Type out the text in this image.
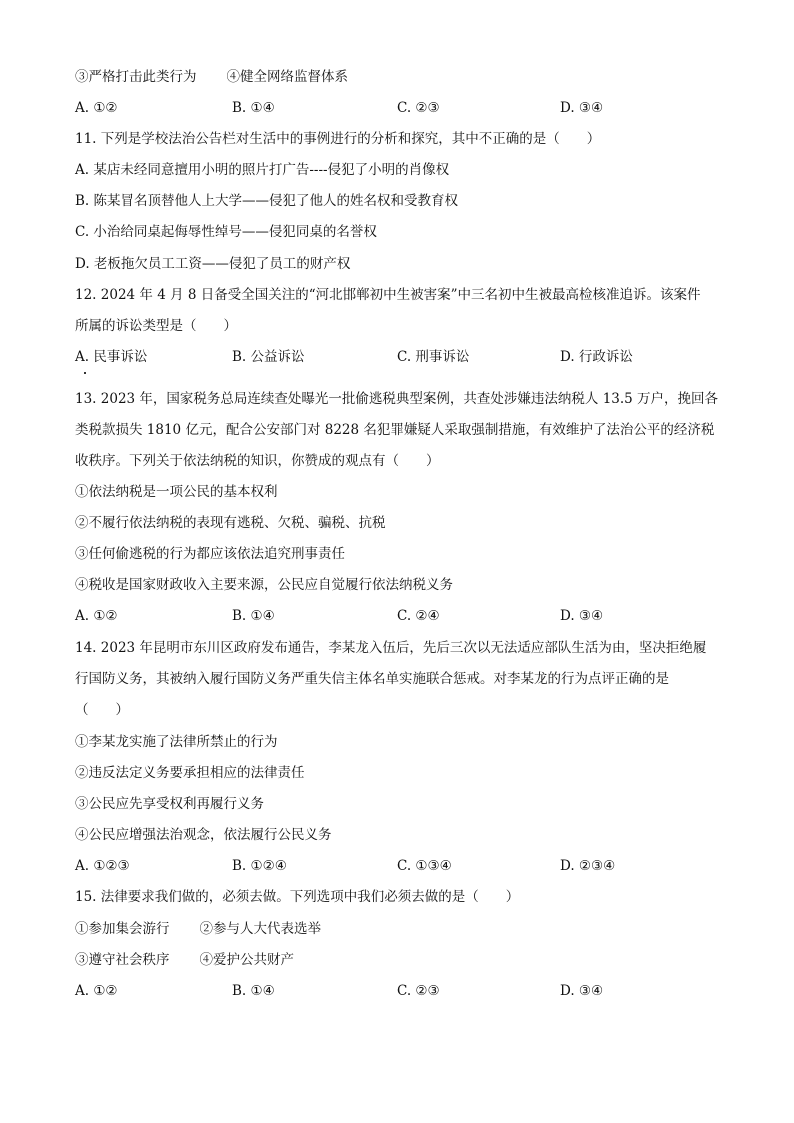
③严格打击此类行为 ④健全网络监督体系
A. ①②	B. ①④	C. ②③	D. ③④
11. 下列是学校法治公告栏对生活中的事例进行的分析和探究，其中不正确的是（　　）
A. 某店未经同意擅用小明的照片打广告----侵犯了小明的肖像权
B. 陈某冒名顶替他人上大学——侵犯了他人的姓名权和受教育权
C. 小治给同桌起侮辱性绰号——侵犯同桌的名誉权
D. 老板拖欠员工工资——侵犯了员工的财产权
12. 2024 年 4 月 8 日备受全国关注的“河北邯郸初中生被害案”中三名初中生被最高检核准追诉。该案件
所属的诉讼类型是（　　）
A. 民事诉讼	B. 公益诉讼	C. 刑事诉讼	D. 行政诉讼
13. 2023 年，国家税务总局连续查处曝光一批偷逃税典型案例，共查处涉嫌违法纳税人 13.5 万户，挽回各
类税款损失 1810 亿元，配合公安部门对 8228 名犯罪嫌疑人采取强制措施，有效维护了法治公平的经济税
收秩序。下列关于依法纳税的知识，你赞成的观点有（　　）
①依法纳税是一项公民的基本权利
②不履行依法纳税的表现有逃税、欠税、骗税、抗税
③任何偷逃税的行为都应该依法追究刑事责任
④税收是国家财政收入主要来源，公民应自觉履行依法纳税义务
A. ①②	B. ①④	C. ②④	D. ③④
14. 2023 年昆明市东川区政府发布通告，李某龙入伍后，先后三次以无法适应部队生活为由，坚决拒绝履
行国防义务，其被纳入履行国防义务严重失信主体名单实施联合惩戒。对李某龙的行为点评正确的是
（　　）
①李某龙实施了法律所禁止的行为
②违反法定义务要承担相应的法律责任
③公民应先享受权利再履行义务
④公民应增强法治观念，依法履行公民义务
A. ①②③	B. ①②④	C. ①③④	D. ②③④
15. 法律要求我们做的，必须去做。下列选项中我们必须去做的是（　　）
①参加集会游行 ②参与人大代表选举
③遵守社会秩序 ④爱护公共财产
A. ①②	B. ①④	C. ②③	D. ③④
